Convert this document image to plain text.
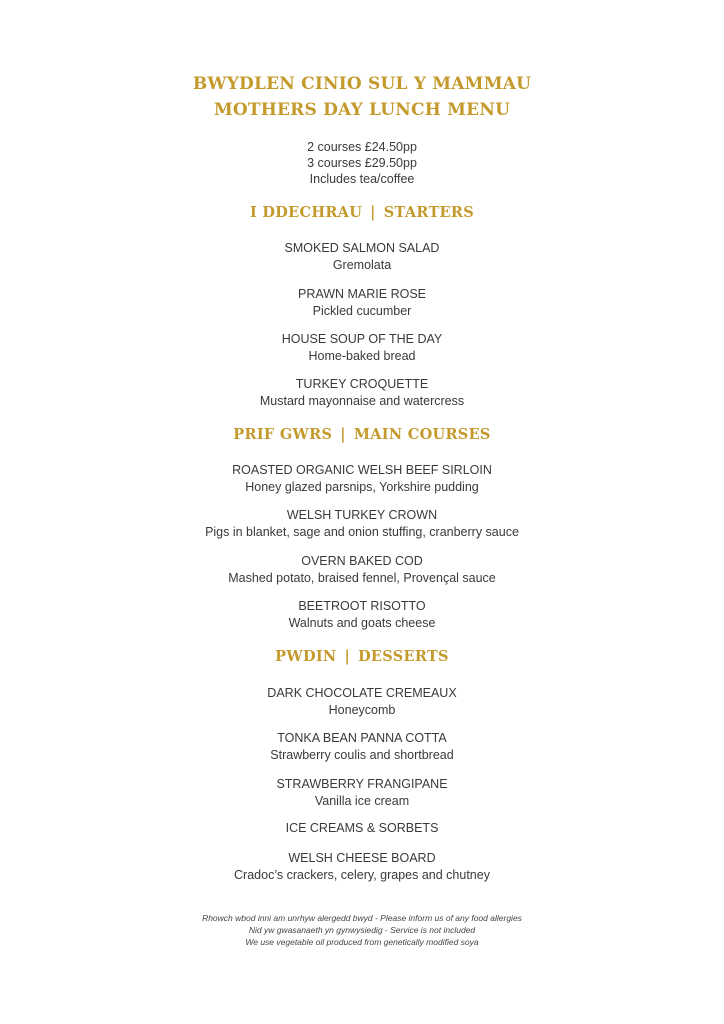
BWYDLEN CINIO SUL Y MAMMAU
MOTHERS DAY LUNCH MENU
2 courses £24.50pp
3 courses £29.50pp
Includes tea/coffee
I DDECHRAU | STARTERS
SMOKED SALMON SALAD
Gremolata
PRAWN MARIE ROSE
Pickled cucumber
HOUSE SOUP OF THE DAY
Home-baked bread
TURKEY CROQUETTE
Mustard mayonnaise and watercress
PRIF GWRS | MAIN COURSES
ROASTED ORGANIC WELSH BEEF SIRLOIN
Honey glazed parsnips, Yorkshire pudding
WELSH TURKEY CROWN
Pigs in blanket, sage and onion stuffing, cranberry sauce
OVERN BAKED COD
Mashed potato, braised fennel, Provençal sauce
BEETROOT RISOTTO
Walnuts and goats cheese
PWDIN | DESSERTS
DARK CHOCOLATE CREMEAUX
Honeycomb
TONKA BEAN PANNA COTTA
Strawberry coulis and shortbread
STRAWBERRY FRANGIPANE
Vanilla ice cream
ICE CREAMS & SORBETS
WELSH CHEESE BOARD
Cradoc’s crackers, celery, grapes and chutney
Rhowch wbod inni am unrhyw alergedd bwyd - Please inform us of any food allergies
Nid yw gwasanaeth yn gynwysiedig - Service is not included
We use vegetable oil produced from genetically modified soya
